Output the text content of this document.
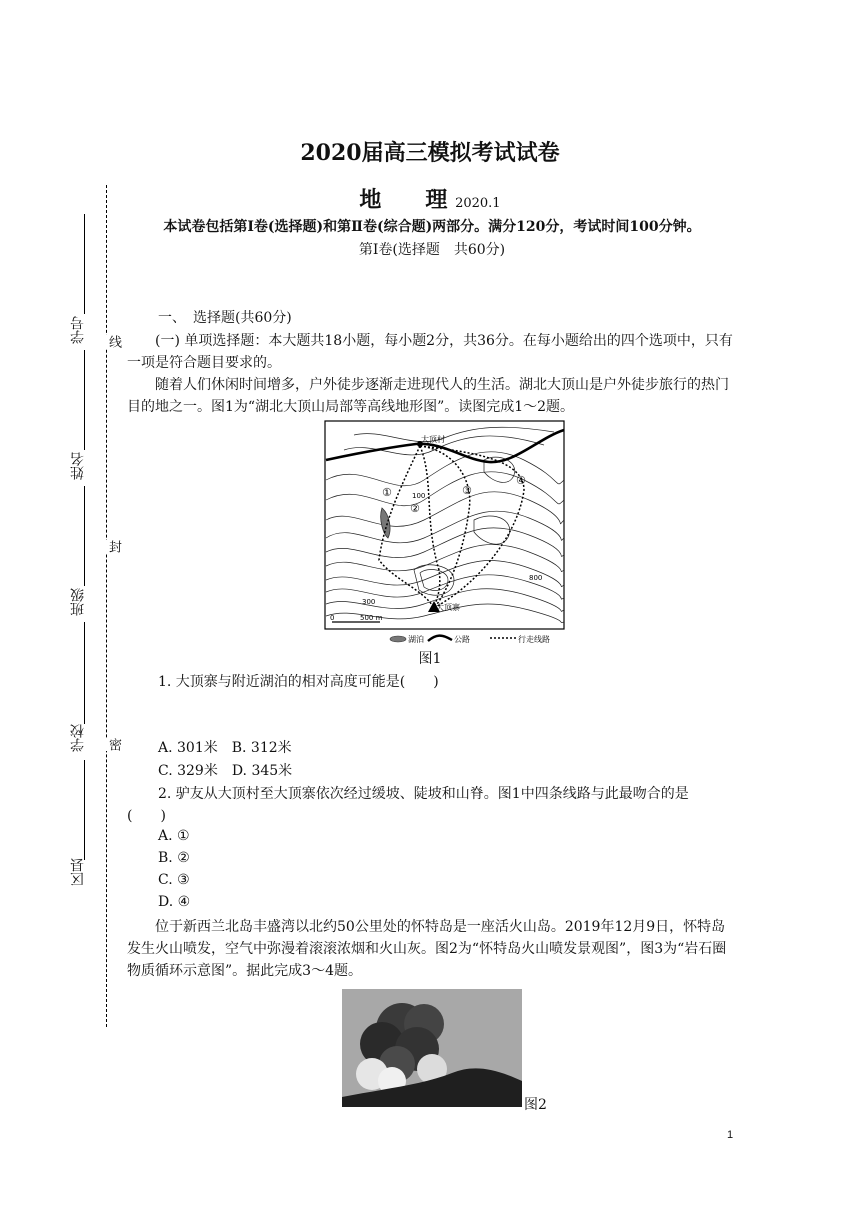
线
封
密
学号
姓名
班级
学校
区县
2020届高三模拟考试试卷
地　　理 2020.1
本试卷包括第Ⅰ卷(选择题)和第Ⅱ卷(综合题)两部分。满分120分，考试时间100分钟。
第Ⅰ卷(选择题　共60分)
一、　选择题(共60分)
(一) 单项选择题：本大题共18小题，每小题2分，共36分。在每小题给出的四个选项中，只有一项是符合题目要求的。
随着人们休闲时间增多，户外徒步逐渐走进现代人的生活。湖北大顶山是户外徒步旅行的热门目的地之一。图1为“湖北大顶山局部等高线地形图”。读图完成1～2题。
大顶村
大顶寨
100
300
800
①
②
③
④
0	500 m
湖泊	公路	行走线路
图1
1. 大顶寨与附近湖泊的相对高度可能是(　　)
A. 301米　B. 312米
C. 329米　D. 345米
2. 驴友从大顶村至大顶寨依次经过缓坡、陡坡和山脊。图1中四条线路与此最吻合的是
(　　)
A. ①
B. ②
C. ③
D. ④
位于新西兰北岛丰盛湾以北约50公里处的怀特岛是一座活火山岛。2019年12月9日，怀特岛发生火山喷发，空气中弥漫着滚滚浓烟和火山灰。图2为“怀特岛火山喷发景观图”，图3为“岩石圈物质循环示意图”。据此完成3～4题。
图2
1
